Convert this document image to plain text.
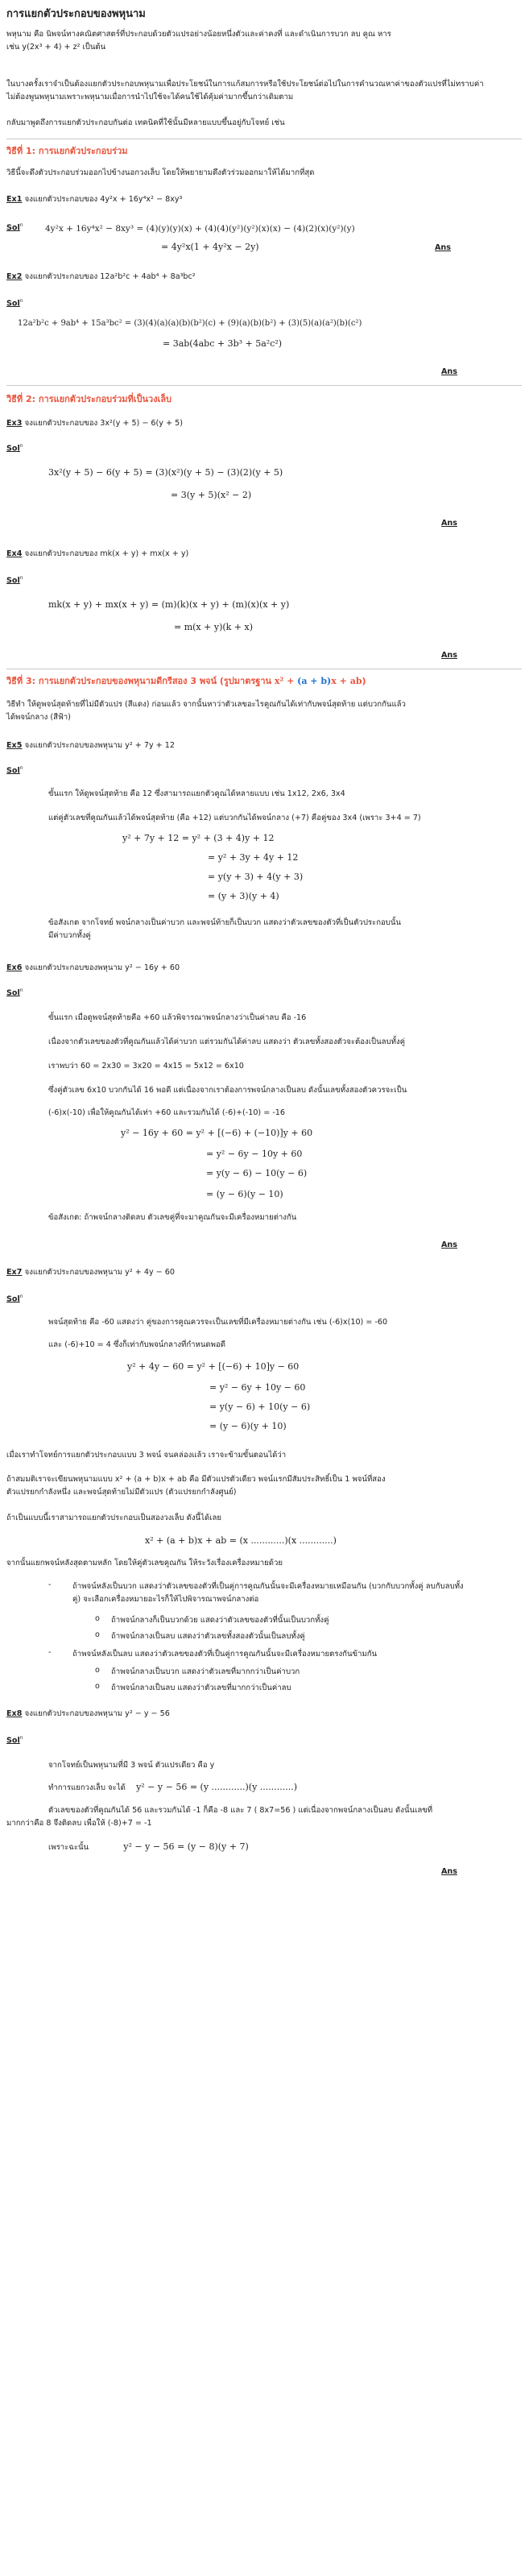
การแยกตัวประกอบของพหุนาม
พหุนาม คือ นิพจน์ทางคณิตศาสตร์ที่ประกอบด้วยตัวแปรอย่างน้อยหนึ่งตัวและค่าคงที่ และดำเนินการบวก ลบ คูณ หาร
เช่น y(2x³ + 4) + z² เป็นต้น
ในบางครั้งเราจำเป็นต้องแยกตัวประกอบพหุนามเพื่อประโยชน์ในการแก้สมการหรือใช้ประโยชน์ต่อไปในการคำนวณหาค่าของตัวแปรที่ไม่ทราบค่า
ไม่ต้องพูนพหุนามเพราะพหุนามเมื่อการนำไปใช้จะได้คนใช้ได้คุ้มค่ามากขึ้นกว่าเดิมตาม
กลับมาพูดถึงการแยกตัวประกอบกันต่อ เทคนิคที่ใช้นั้นมีหลายแบบขึ้นอยู่กับโจทย์ เช่น
วิธีที่ 1: การแยกตัวประกอบร่วม
วิธีนี้จะดึงตัวประกอบร่วมออกไปข้างนอกวงเล็บ โดยให้พยายามดึงตัวร่วมออกมาให้ได้มากที่สุด
Ex1 จงแยกตัวประกอบของ 4y²x + 16y⁴x² − 8xy³
Sol$^n$	4y²x + 16y⁴x² − 8xy³ = (4)(y)(y)(x) + (4)(4)(y²)(y²)(x)(x) − (4)(2)(x)(y²)(y)
= 4y²x(1 + 4y²x − 2y)	Ans
Ex2 จงแยกตัวประกอบของ 12a²b²c + 4ab⁴ + 8a³bc²
Sol$^n$
12a²b²c + 9ab⁴ + 15a³bc² = (3)(4)(a)(a)(b)(b²)(c) + (9)(a)(b)(b²) + (3)(5)(a)(a²)(b)(c²)
= 3ab(4abc + 3b³ + 5a²c²)
Ans
วิธีที่ 2: การแยกตัวประกอบร่วมที่เป็นวงเล็บ
Ex3 จงแยกตัวประกอบของ 3x²(y + 5) − 6(y + 5)
Sol$^n$
3x²(y + 5) − 6(y + 5) = (3)(x²)(y + 5) − (3)(2)(y + 5)
= 3(y + 5)(x² − 2)
Ans
Ex4 จงแยกตัวประกอบของ mk(x + y) + mx(x + y)
Sol$^n$
mk(x + y) + mx(x + y) = (m)(k)(x + y) + (m)(x)(x + y)
= m(x + y)(k + x)
Ans
วิธีที่ 3: การแยกตัวประกอบของพหุนามดีกรีสอง 3 พจน์ (รูปมาตรฐาน x² + (a + b)x + ab)
วิธีทำ ให้ดูพจน์สุดท้ายที่ไม่มีตัวแปร (สีแดง) ก่อนแล้ว จากนั้นหาว่าตัวเลขอะไรคูณกันได้เท่ากับพจน์สุดท้าย แต่บวกกันแล้ว
ได้พจน์กลาง (สีฟ้า)
Ex5 จงแยกตัวประกอบของพหุนาม y² + 7y + 12
Sol$^n$
ขั้นแรก ให้ดูพจน์สุดท้าย คือ 12 ซึ่งสามารถแยกตัวคูณได้หลายแบบ เช่น 1x12, 2x6, 3x4
แต่คู่ตัวเลขที่คูณกันแล้วได้พจน์สุดท้าย (คือ +12) แต่บวกกันได้พจน์กลาง (+7) คือคู่ของ 3x4 (เพราะ 3+4 = 7)
y² + 7y + 12 = y² + (3 + 4)y + 12
= y² + 3y + 4y + 12
= y(y + 3) + 4(y + 3)
= (y + 3)(y + 4)
ข้อสังเกต จากโจทย์ พจน์กลางเป็นค่าบวก และพจน์ท้ายก็เป็นบวก แสดงว่าตัวเลขของตัวที่เป็นตัวประกอบนั้น
มีค่าบวกทั้งคู่
Ex6 จงแยกตัวประกอบของพหุนาม y² − 16y + 60
Sol$^n$
ขั้นแรก เมื่อดูพจน์สุดท้ายคือ +60 แล้วพิจารณาพจน์กลางว่าเป็นค่าลบ คือ -16
เนื่องจากตัวเลขของตัวที่คูณกันแล้วได้ค่าบวก แต่รวมกันได้ค่าลบ แสดงว่า ตัวเลขทั้งสองตัวจะต้องเป็นลบทั้งคู่
เราพบว่า 60 = 2x30 = 3x20 = 4x15 = 5x12 = 6x10
ซึ่งคู่ตัวเลข 6x10 บวกกันได้ 16 พอดี แต่เนื่องจากเราต้องการพจน์กลางเป็นลบ ดังนั้นเลขทั้งสองตัวควรจะเป็น
(-6)x(-10) เพื่อให้คูณกันได้เท่า +60 และรวมกันได้ (-6)+(-10) = -16
y² − 16y + 60 = y² + [(−6) + (−10)]y + 60
= y² − 6y − 10y + 60
= y(y − 6) − 10(y − 6)
= (y − 6)(y − 10)
ข้อสังเกต: ถ้าพจน์กลางติดลบ ตัวเลขคู่ที่จะมาคูณกันจะมีเครื่องหมายต่างกัน
Ans
Ex7 จงแยกตัวประกอบของพหุนาม y² + 4y − 60
Sol$^n$
พจน์สุดท้าย คือ -60 แสดงว่า คู่ของการคูณควรจะเป็นเลขที่มีเครื่องหมายต่างกัน เช่น (-6)x(10) = -60
และ (-6)+10 = 4 ซึ่งก็เท่ากับพจน์กลางที่กำหนดพอดี
y² + 4y − 60 = y² + [(−6) + 10]y − 60
= y² − 6y + 10y − 60
= y(y − 6) + 10(y − 6)
= (y − 6)(y + 10)
เมื่อเราทำโจทย์การแยกตัวประกอบแบบ 3 พจน์ จนคล่องแล้ว เราจะข้ามขั้นตอนได้ว่า
ถ้าสมมติเราจะเขียนพหุนามแบบ x² + (a + b)x + ab คือ มีตัวแปรตัวเดียว พจน์แรกมีสัมประสิทธิ์เป็น 1 พจน์ที่สอง
ตัวแปรยกกำลังหนึ่ง และพจน์สุดท้ายไม่มีตัวแปร (ตัวแปรยกกำลังศูนย์)
ถ้าเป็นแบบนี้เราสามารถแยกตัวประกอบเป็นสองวงเล็บ ดังนี้ได้เลย
x² + (a + b)x + ab = (x ............)(x ............)
จากนั้นแยกพจน์หลังสุดตามหลัก โดยให้คู่ตัวเลขคูณกัน ให้ระวังเรื่องเครื่องหมายด้วย
-	ถ้าพจน์หลังเป็นบวก แสดงว่าตัวเลขของตัวที่เป็นคู่การคูณกันนั้นจะมีเครื่องหมายเหมือนกัน (บวกกับบวกทั้งคู่ ลบกับลบทั้ง
คู่) จะเลือกเครื่องหมายอะไรก็ให้ไปพิจารณาพจน์กลางต่อ
o ถ้าพจน์กลางก็เป็นบวกด้วย แสดงว่าตัวเลขของตัวที่นั้นเป็นบวกทั้งคู่
o ถ้าพจน์กลางเป็นลบ แสดงว่าตัวเลขทั้งสองตัวนั้นเป็นลบทั้งคู่
-	ถ้าพจน์หลังเป็นลบ แสดงว่าตัวเลขของตัวที่เป็นคู่การคูณกันนั้นจะมีเครื่องหมายตรงกันข้ามกัน
o ถ้าพจน์กลางเป็นบวก แสดงว่าตัวเลขที่มากกว่าเป็นค่าบวก
o ถ้าพจน์กลางเป็นลบ แสดงว่าตัวเลขที่มากกว่าเป็นค่าลบ
Ex8 จงแยกตัวประกอบของพหุนาม y² − y − 56
Sol$^n$
จากโจทย์เป็นพหุนามที่มี 3 พจน์ ตัวแปรเดียว คือ y
ทำการแยกวงเล็บ จะได้ y² − y − 56 = (y ............)(y ............)
ตัวเลขของตัวที่คูณกันได้ 56 และรวมกันได้ -1 ก็คือ -8 และ 7 ( 8x7=56 ) แต่เนื่องจากพจน์กลางเป็นลบ ดังนั้นเลขที่
มากกว่าคือ 8 จึงติดลบ เพื่อให้ (-8)+7 = -1
เพราะฉะนั้น	y² − y − 56 = (y − 8)(y + 7)
Ans
